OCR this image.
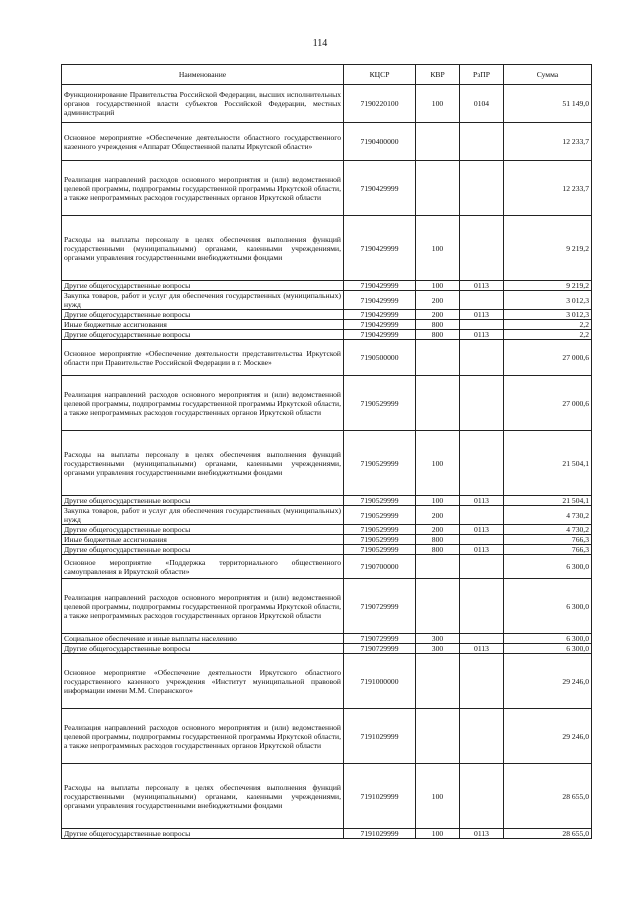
114
Наименование	КЦСР	КВР	РзПР	Сумма
Функционирование Правительства Российской Федерации, высших исполнительных органов государственной власти субъектов Российской Федерации, местных администраций	7190220100	100	0104	51 149,0
Основное мероприятие «Обеспечение деятельности областного государственного казенного учреждения «Аппарат Общественной палаты Иркутской области»	7190400000			12 233,7
Реализация направлений расходов основного мероприятия и (или) ведомственной целевой программы, подпрограммы государственной программы Иркутской области, а также непрограммных расходов государственных органов Иркутской области	7190429999			12 233,7
Расходы на выплаты персоналу в целях обеспечения выполнения функций государственными (муниципальными) органами, казенными учреждениями, органами управления государственными внебюджетными фондами	7190429999	100		9 219,2
Другие общегосударственные вопросы	7190429999	100	0113	9 219,2
Закупка товаров, работ и услуг для обеспечения государственных (муниципальных) нужд	7190429999	200		3 012,3
Другие общегосударственные вопросы	7190429999	200	0113	3 012,3
Иные бюджетные ассигнования	7190429999	800		2,2
Другие общегосударственные вопросы	7190429999	800	0113	2,2
Основное мероприятие «Обеспечение деятельности представительства Иркутской области при Правительстве Российской Федерации в г. Москве»	7190500000			27 000,6
Реализация направлений расходов основного мероприятия и (или) ведомственной целевой программы, подпрограммы государственной программы Иркутской области, а также непрограммных расходов государственных органов Иркутской области	7190529999			27 000,6
Расходы на выплаты персоналу в целях обеспечения выполнения функций государственными (муниципальными) органами, казенными учреждениями, органами управления государственными внебюджетными фондами	7190529999	100		21 504,1
Другие общегосударственные вопросы	7190529999	100	0113	21 504,1
Закупка товаров, работ и услуг для обеспечения государственных (муниципальных) нужд	7190529999	200		4 730,2
Другие общегосударственные вопросы	7190529999	200	0113	4 730,2
Иные бюджетные ассигнования	7190529999	800		766,3
Другие общегосударственные вопросы	7190529999	800	0113	766,3
Основное мероприятие «Поддержка территориального общественного самоуправления в Иркутской области»	7190700000			6 300,0
Реализация направлений расходов основного мероприятия и (или) ведомственной целевой программы, подпрограммы государственной программы Иркутской области, а также непрограммных расходов государственных органов Иркутской области	7190729999			6 300,0
Социальное обеспечение и иные выплаты населению	7190729999	300		6 300,0
Другие общегосударственные вопросы	7190729999	300	0113	6 300,0
Основное мероприятие «Обеспечение деятельности Иркутского областного государственного казенного учреждения «Институт муниципальной правовой информации имени М.М. Сперанского»	7191000000			29 246,0
Реализация направлений расходов основного мероприятия и (или) ведомственной целевой программы, подпрограммы государственной программы Иркутской области, а также непрограммных расходов государственных органов Иркутской области	7191029999			29 246,0
Расходы на выплаты персоналу в целях обеспечения выполнения функций государственными (муниципальными) органами, казенными учреждениями, органами управления государственными внебюджетными фондами	7191029999	100		28 655,0
Другие общегосударственные вопросы	7191029999	100	0113	28 655,0
